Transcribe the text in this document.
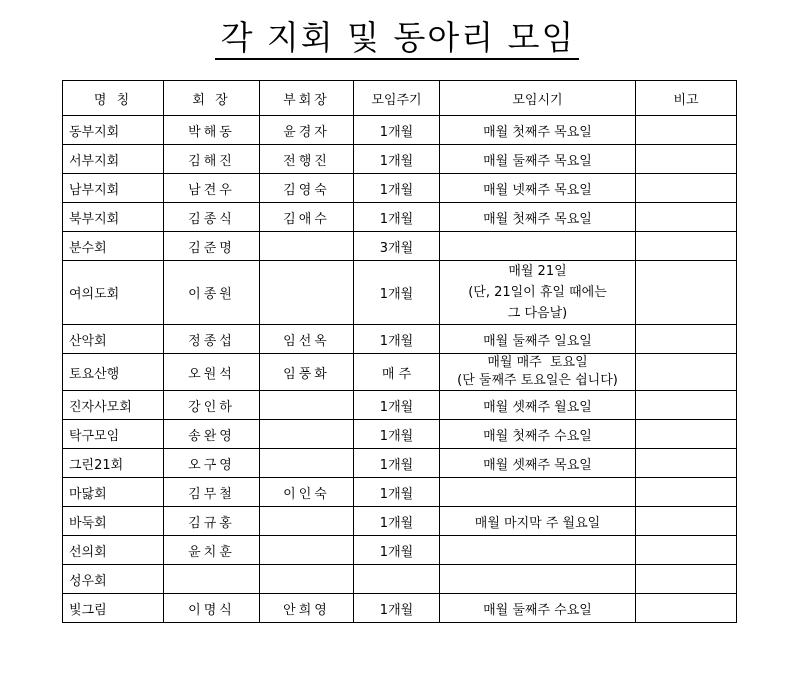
각 지회 및 동아리 모임
명 칭	회 장	부회장	모임주기	모임시기	비고
동부지회	박해동	윤경자	1개월	매월 첫째주 목요일	
서부지회	김해진	전행진	1개월	매월 둘째주 목요일	
남부지회	남견우	김영숙	1개월	매월 넷째주 목요일	
북부지회	김종식	김애수	1개월	매월 첫째주 목요일	
분수회	김준명		3개월		
여의도회	이종원		1개월	매월 21일
(단, 21일이 휴일 때에는
그 다음날)	

산악회	정종섭	임선옥	1개월	매월 둘째주 일요일	
토요산행	오원석	임풍화	매 주	매월 매주  토요일
(단 둘째주 토요일은 쉽니다)	

진자사모회	강인하		1개월	매월 셋째주 월요일	
탁구모임	송완영		1개월	매월 첫째주 수요일	
그린21회	오구영		1개월	매월 셋째주 목요일	
마닳회	김무철	이인숙	1개월		
바둑회	김규홍		1개월	매월 마지막 주 월요일	
선의회	윤치훈		1개월		
성우회					
빛그림	이명식	안희영	1개월	매월 둘째주 수요일	
